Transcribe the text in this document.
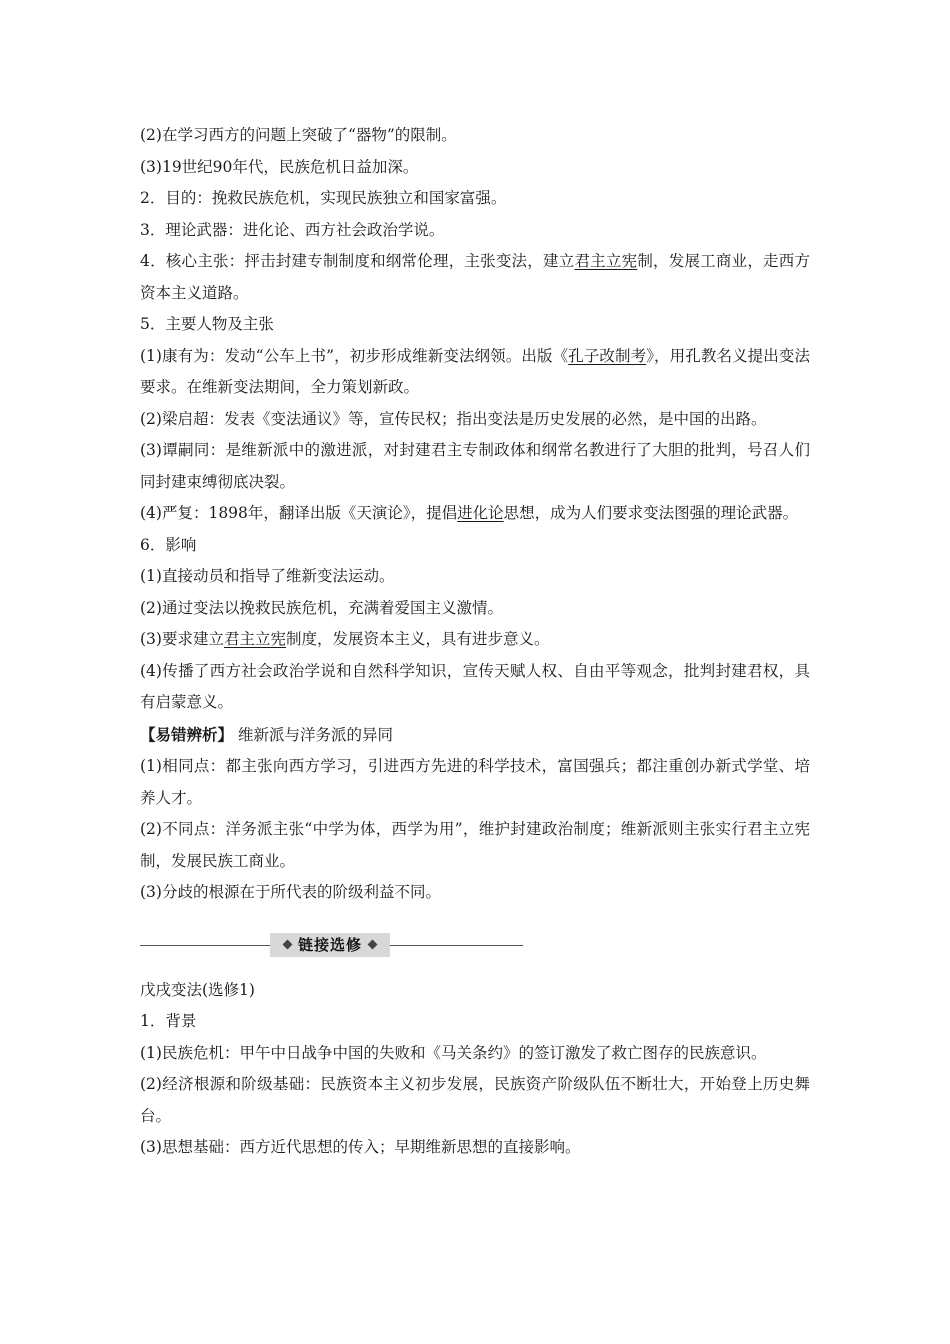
(2)在学习西方的问题上突破了“器物”的限制。
(3)19世纪90年代，民族危机日益加深。
2．目的：挽救民族危机，实现民族独立和国家富强。
3．理论武器：进化论、西方社会政治学说。
4．核心主张：抨击封建专制制度和纲常伦理，主张变法，建立君主立宪制，发展工商业，走西方资本主义道路。
5．主要人物及主张
(1)康有为：发动“公车上书”，初步形成维新变法纲领。出版《孔子改制考》，用孔教名义提出变法要求。在维新变法期间，全力策划新政。
(2)梁启超：发表《变法通议》等，宣传民权；指出变法是历史发展的必然，是中国的出路。
(3)谭嗣同：是维新派中的激进派，对封建君主专制政体和纲常名教进行了大胆的批判，号召人们同封建束缚彻底决裂。
(4)严复：1898年，翻译出版《天演论》，提倡进化论思想，成为人们要求变法图强的理论武器。
6．影响
(1)直接动员和指导了维新变法运动。
(2)通过变法以挽救民族危机，充满着爱国主义激情。
(3)要求建立君主立宪制度，发展资本主义，具有进步意义。
(4)传播了西方社会政治学说和自然科学知识，宣传天赋人权、自由平等观念，批判封建君权，具有启蒙意义。
【易错辨析】 维新派与洋务派的异同
(1)相同点：都主张向西方学习，引进西方先进的科学技术，富国强兵；都注重创办新式学堂、培养人才。
(2)不同点：洋务派主张“中学为体，西学为用”，维护封建政治制度；维新派则主张实行君主立宪制，发展民族工商业。
(3)分歧的根源在于所代表的阶级利益不同。
链接选修
戊戌变法(选修1)
1．背景
(1)民族危机：甲午中日战争中国的失败和《马关条约》的签订激发了救亡图存的民族意识。
(2)经济根源和阶级基础：民族资本主义初步发展，民族资产阶级队伍不断壮大，开始登上历史舞台。
(3)思想基础：西方近代思想的传入；早期维新思想的直接影响。
